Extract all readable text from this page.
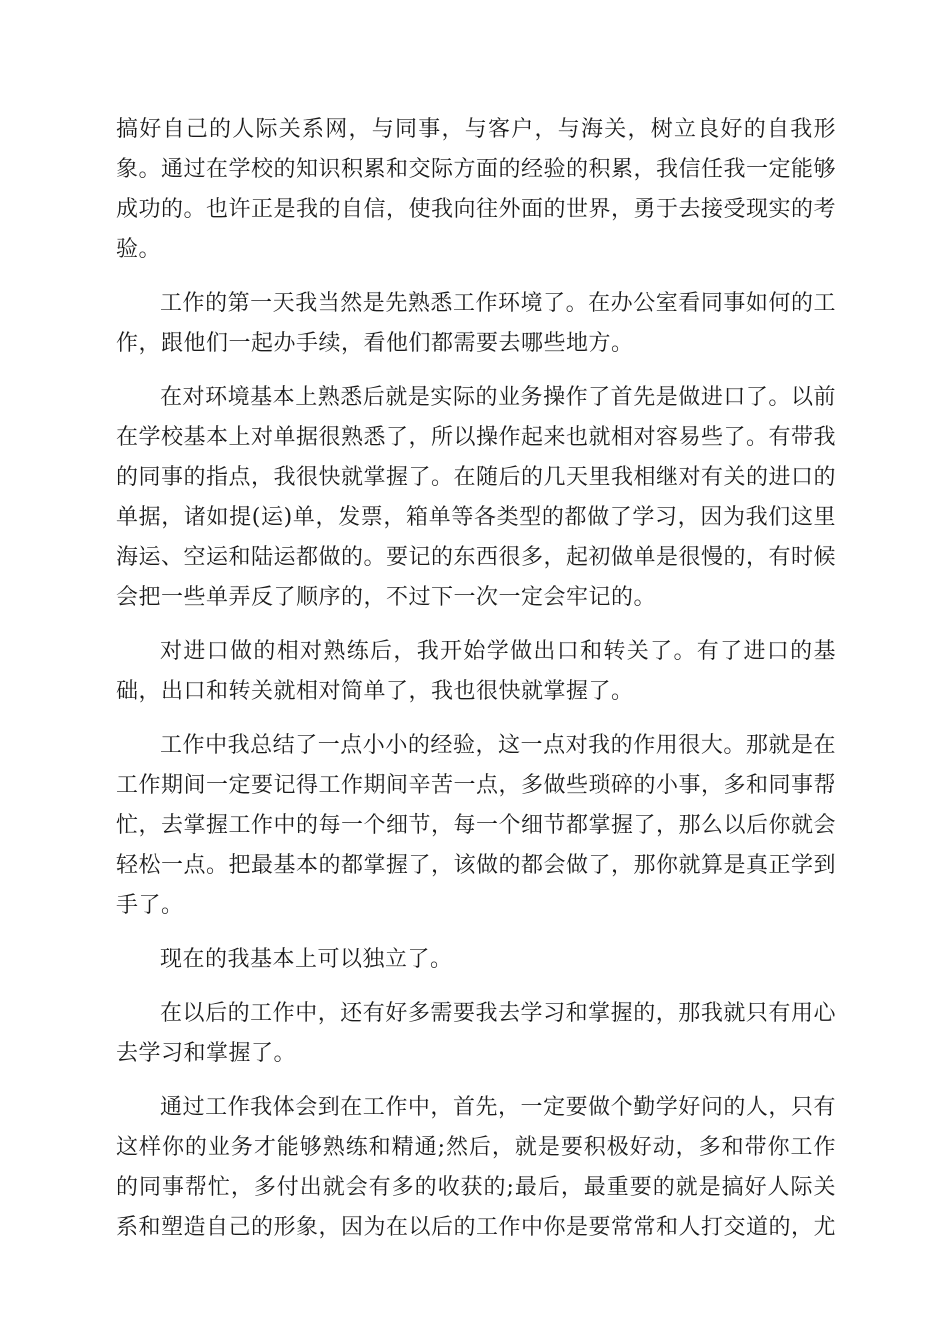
搞好自己的人际关系网，与同事，与客户，与海关，树立良好的自我形象。通过在学校的知识积累和交际方面的经验的积累，我信任我一定能够成功的。也许正是我的自信，使我向往外面的世界，勇于去接受现实的考验。

工作的第一天我当然是先熟悉工作环境了。在办公室看同事如何的工作，跟他们一起办手续，看他们都需要去哪些地方。

在对环境基本上熟悉后就是实际的业务操作了首先是做进口了。以前在学校基本上对单据很熟悉了，所以操作起来也就相对容易些了。有带我的同事的指点，我很快就掌握了。在随后的几天里我相继对有关的进口的单据，诸如提(运)单，发票，箱单等各类型的都做了学习，因为我们这里海运、空运和陆运都做的。要记的东西很多，起初做单是很慢的，有时候会把一些单弄反了顺序的，不过下一次一定会牢记的。

对进口做的相对熟练后，我开始学做出口和转关了。有了进口的基础，出口和转关就相对简单了，我也很快就掌握了。

工作中我总结了一点小小的经验，这一点对我的作用很大。那就是在工作期间一定要记得工作期间辛苦一点，多做些琐碎的小事，多和同事帮忙，去掌握工作中的每一个细节，每一个细节都掌握了，那么以后你就会轻松一点。把最基本的都掌握了，该做的都会做了，那你就算是真正学到手了。

现在的我基本上可以独立了。

在以后的工作中，还有好多需要我去学习和掌握的，那我就只有用心去学习和掌握了。

通过工作我体会到在工作中，首先，一定要做个勤学好问的人，只有这样你的业务才能够熟练和精通;然后，就是要积极好动，多和带你工作的同事帮忙，多付出就会有多的收获的;最后，最重要的就是搞好人际关系和塑造自己的形象，因为在以后的工作中你是要常常和人打交道的，尤
